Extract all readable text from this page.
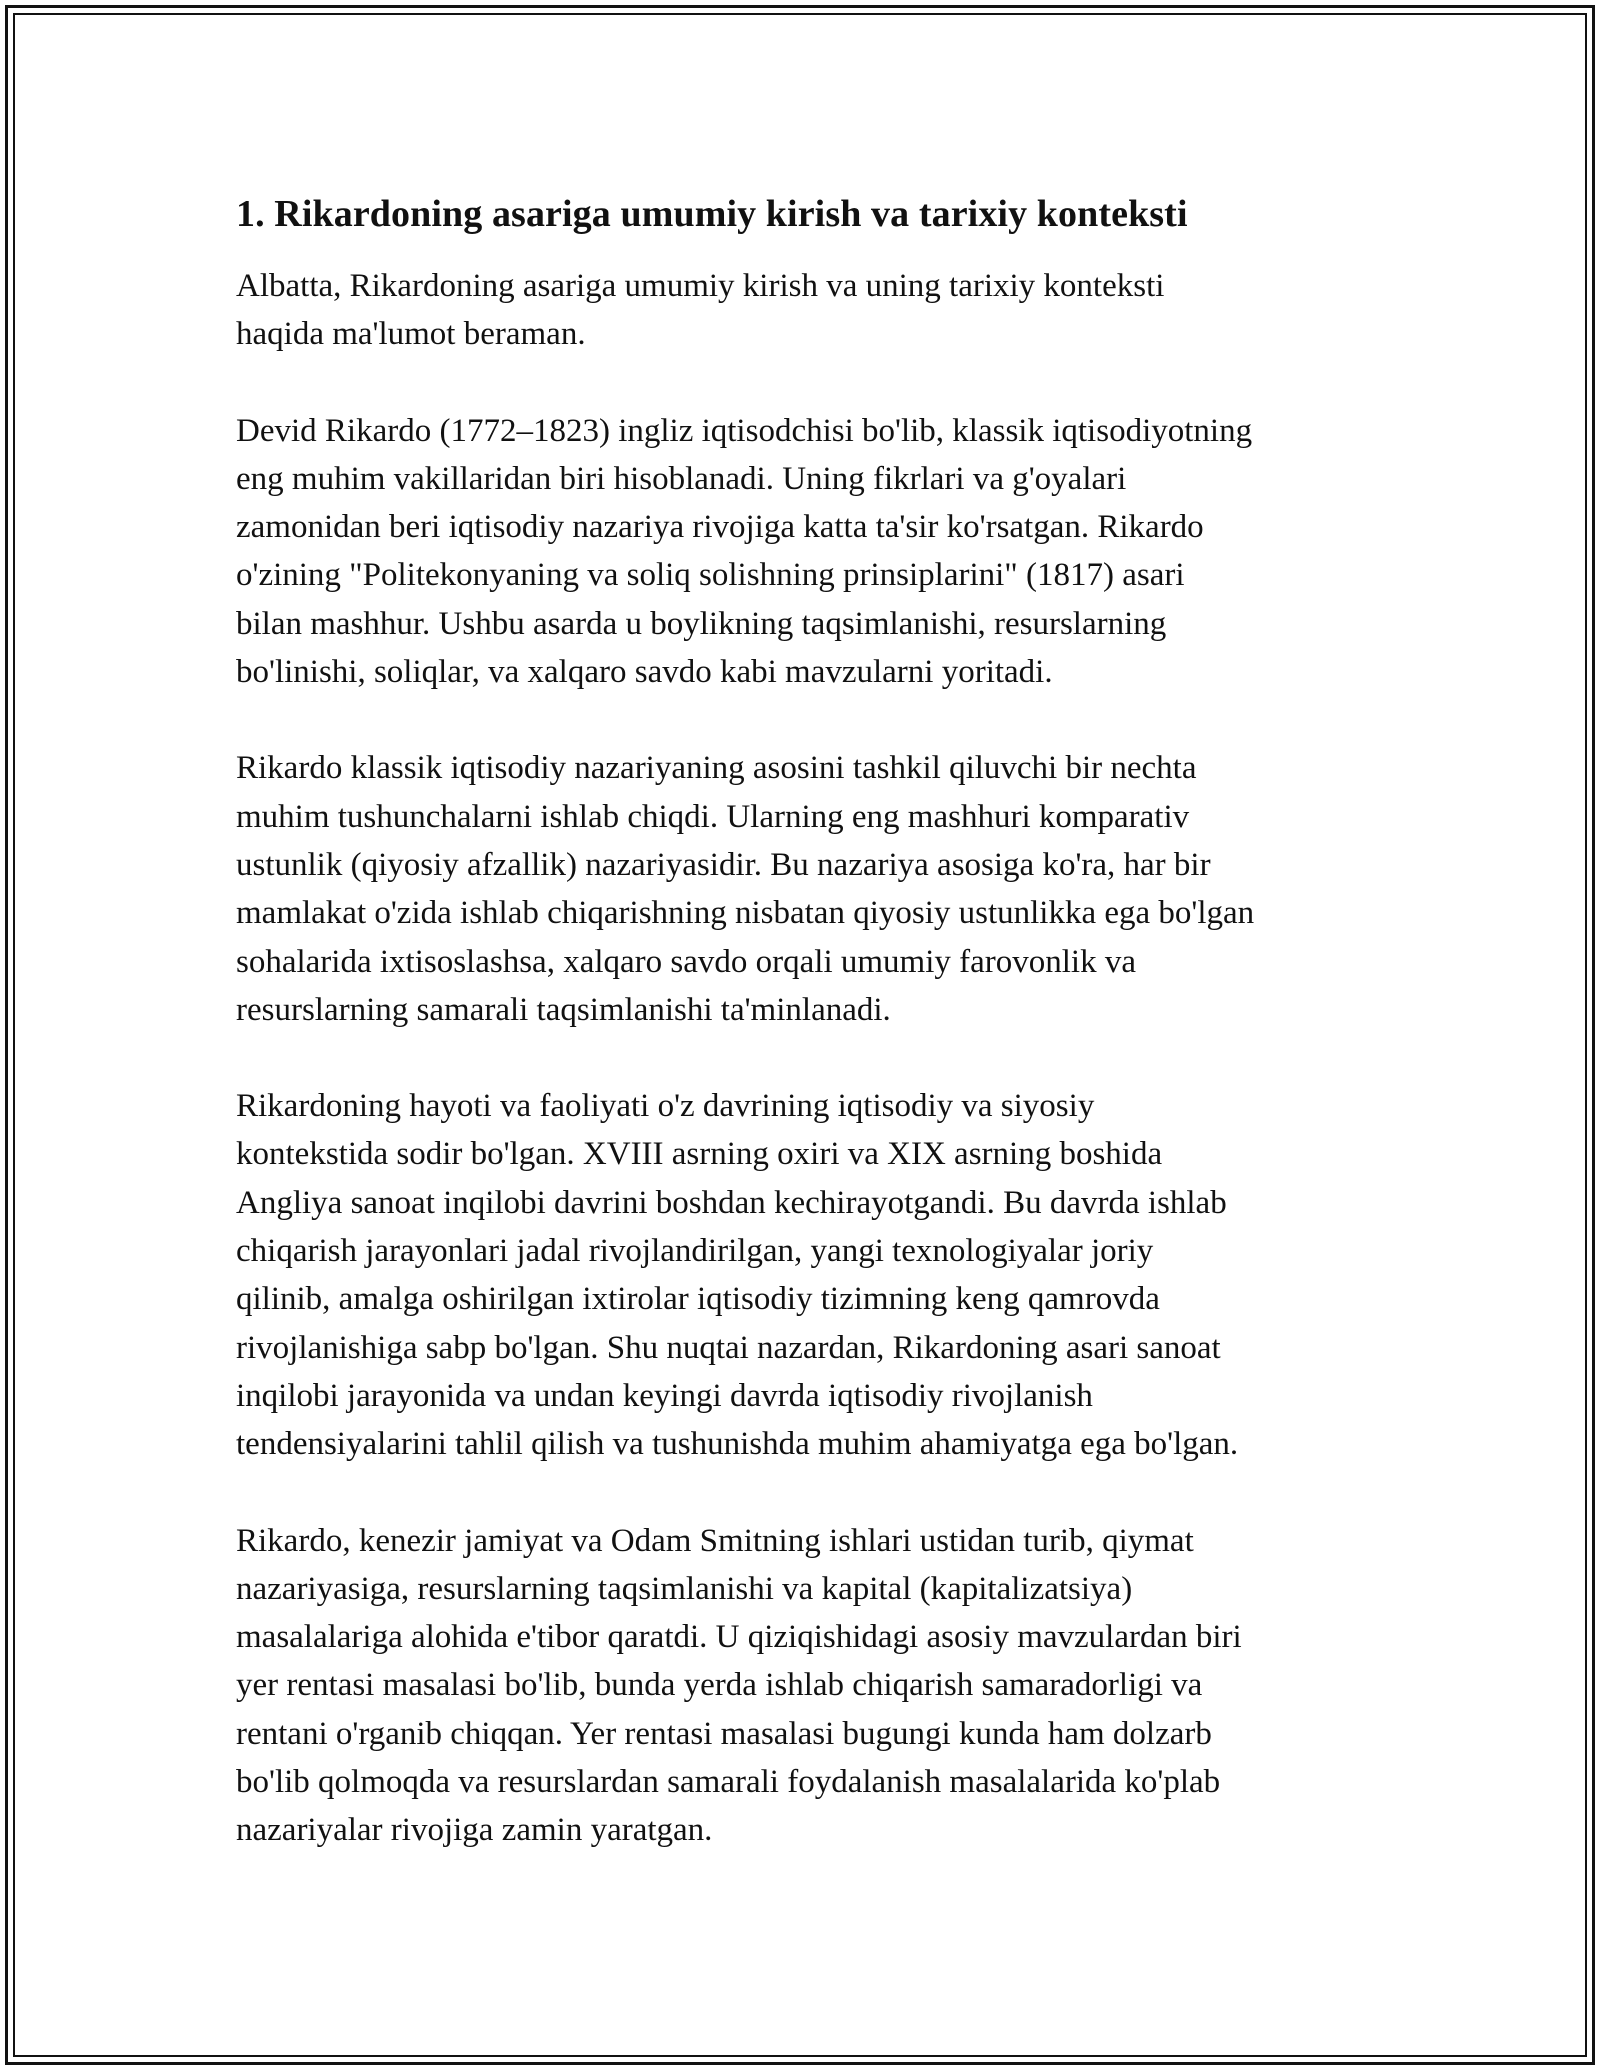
1. Rikardoning asariga umumiy kirish va tarixiy konteksti

Albatta, Rikardoning asariga umumiy kirish va uning tarixiy konteksti
haqida ma'lumot beraman.

Devid Rikardo (1772–1823) ingliz iqtisodchisi bo'lib, klassik iqtisodiyotning
eng muhim vakillaridan biri hisoblanadi. Uning fikrlari va g'oyalari
zamonidan beri iqtisodiy nazariya rivojiga katta ta'sir ko'rsatgan. Rikardo
o'zining "Politekonyaning va soliq solishning prinsiplarini" (1817) asari
bilan mashhur. Ushbu asarda u boylikning taqsimlanishi, resurslarning
bo'linishi, soliqlar, va xalqaro savdo kabi mavzularni yoritadi.

Rikardo klassik iqtisodiy nazariyaning asosini tashkil qiluvchi bir nechta
muhim tushunchalarni ishlab chiqdi. Ularning eng mashhuri komparativ
ustunlik (qiyosiy afzallik) nazariyasidir. Bu nazariya asosiga ko'ra, har bir
mamlakat o'zida ishlab chiqarishning nisbatan qiyosiy ustunlikka ega bo'lgan
sohalarida ixtisoslashsa, xalqaro savdo orqali umumiy farovonlik va
resurslarning samarali taqsimlanishi ta'minlanadi.

Rikardoning hayoti va faoliyati o'z davrining iqtisodiy va siyosiy
kontekstida sodir bo'lgan. XVIII asrning oxiri va XIX asrning boshida
Angliya sanoat inqilobi davrini boshdan kechirayotgandi. Bu davrda ishlab
chiqarish jarayonlari jadal rivojlandirilgan, yangi texnologiyalar joriy
qilinib, amalga oshirilgan ixtirolar iqtisodiy tizimning keng qamrovda
rivojlanishiga sabp bo'lgan. Shu nuqtai nazardan, Rikardoning asari sanoat
inqilobi jarayonida va undan keyingi davrda iqtisodiy rivojlanish
tendensiyalarini tahlil qilish va tushunishda muhim ahamiyatga ega bo'lgan.

Rikardo, kenezir jamiyat va Odam Smitning ishlari ustidan turib, qiymat
nazariyasiga, resurslarning taqsimlanishi va kapital (kapitalizatsiya)
masalalariga alohida e'tibor qaratdi. U qiziqishidagi asosiy mavzulardan biri
yer rentasi masalasi bo'lib, bunda yerda ishlab chiqarish samaradorligi va
rentani o'rganib chiqqan. Yer rentasi masalasi bugungi kunda ham dolzarb
bo'lib qolmoqda va resurslardan samarali foydalanish masalalarida ko'plab
nazariyalar rivojiga zamin yaratgan.
